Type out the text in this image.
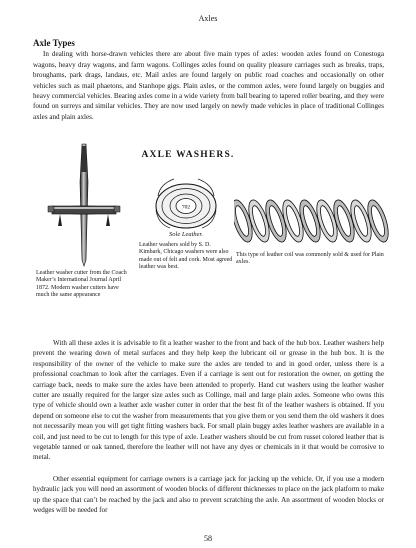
Axles

Axle Types
In dealing with horse-drawn vehicles there are about five main types of axles: wooden axles found on Conestoga wagons, heavy dray wagons, and farm wagons. Collinges axles found on quality pleasure carriages such as breaks, traps, broughams, park drags, landaus, etc. Mail axles are found largely on public road coaches and occasionally on other vehicles such as mail phaetons, and Stanhope gigs. Plain axles, or the common axles, were found largely on buggies and heavy commercial vehicles. Bearing axles come in a wide variety from ball bearing to tapered roller bearing, and they were found on surreys and similar vehicles. They are now used largely on newly made vehicles in place of traditional Collinges axles and plain axles.

Leather washer cutter from the Coach Maker’s International Journal April 1872. Modern washer cutters have much the same appearance

AXLE WASHERS.
702
Sole Leather.

Leather washers sold by S. D. Kimbark, Chicago washers were also made out of felt and cork. Most agreed leather was best.

This type of leather coil was commonly sold & used for Plain axles.

With all these axles it is advisable to fit a leather washer to the front and back of the hub box. Leather washers help prevent the wearing down of metal surfaces and they help keep the lubricant oil or grease in the hub box. It is the responsibility of the owner of the vehicle to make sure the axles are tended to and in good order, unless there is a professional coachman to look after the carriages. Even if a carriage is sent out for restoration the owner, on getting the carriage back, needs to make sure the axles have been attended to properly. Hand cut washers using the leather washer cutter are usually required for the larger size axles such as Collinge, mail and large plain axles. Someone who owns this type of vehicle should own a leather axle washer cutter in order that the best fit of the leather washers is obtained. If you depend on someone else to cut the washer from measurements that you give them or you send them the old washers it does not necessarily mean you will get tight fitting washers back. For small plain buggy axles leather washers are available in a coil, and just need to be cut to length for this type of axle. Leather washers should be cut from russet colored leather that is vegetable tanned or oak tanned, therefore the leather will not have any dyes or chemicals in it that would be corrosive to metal.

Other essential equipment for carriage owners is a carriage jack for jacking up the vehicle. Or, if you use a modern hydraulic jack you will need an assortment of wooden blocks of different thicknesses to place on the jack platform to make up the space that can’t be reached by the jack and also to prevent scratching the axle. An assortment of wooden blocks or wedges will be needed for

58
